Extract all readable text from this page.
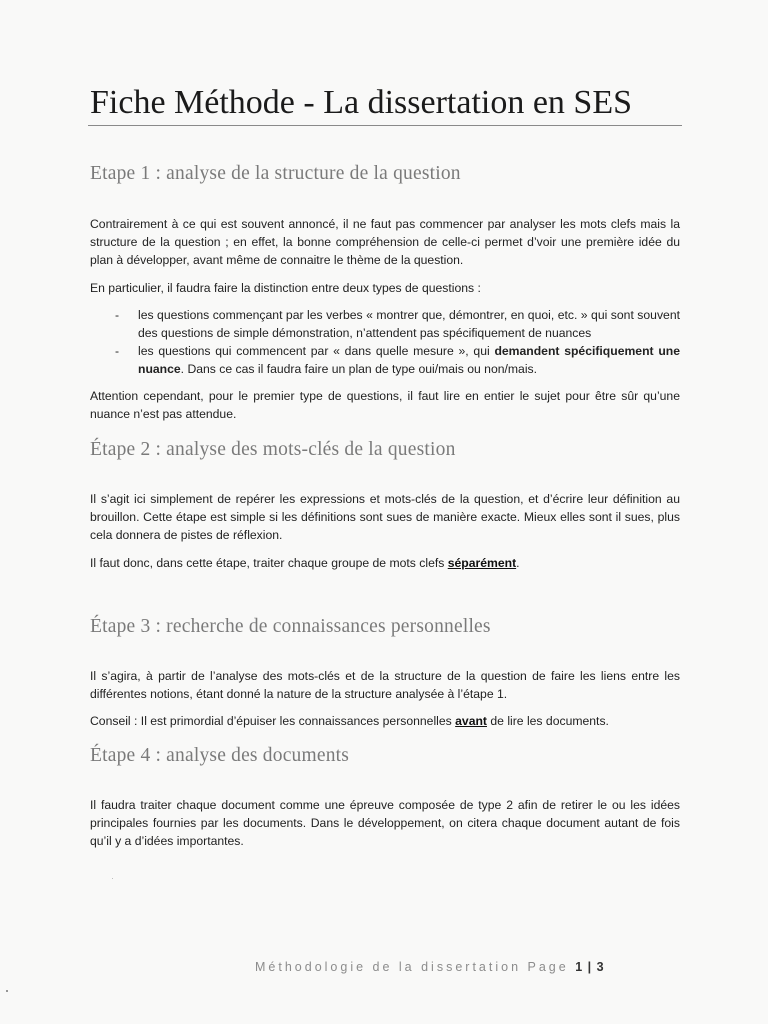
Fiche Méthode - La dissertation en SES
Etape 1 : analyse de la structure de la question

Contrairement à ce qui est souvent annoncé, il ne faut pas commencer par analyser les mots clefs mais la structure de la question ; en effet, la bonne compréhension de celle-ci permet d’voir une première idée du plan à développer, avant même de connaitre le thème de la question.

En particulier, il faudra faire la distinction entre deux types de questions :

- les questions commençant par les verbes « montrer que, démontrer, en quoi, etc. » qui sont souvent des questions de simple démonstration, n’attendent pas spécifiquement de nuances
- les questions qui commencent par « dans quelle mesure », qui demandent spécifiquement une nuance. Dans ce cas il faudra faire un plan de type oui/mais ou non/mais.

Attention cependant, pour le premier type de questions, il faut lire en entier le sujet pour être sûr qu’une nuance n’est pas attendue.

Étape 2 : analyse des mots-clés de la question

Il s’agit ici simplement de repérer les expressions et mots-clés de la question, et d’écrire leur définition au brouillon. Cette étape est simple si les définitions sont sues de manière exacte. Mieux elles sont il sues, plus cela donnera de pistes de réflexion.

Il faut donc, dans cette étape, traiter chaque groupe de mots clefs séparément.

Étape 3 : recherche de connaissances personnelles

Il s’agira, à partir de l’analyse des mots-clés et de la structure de la question de faire les liens entre les différentes notions, étant donné la nature de la structure analysée à l’étape 1.

Conseil : Il est primordial d’épuiser les connaissances personnelles avant de lire les documents.

Étape 4 : analyse des documents

Il faudra traiter chaque document comme une épreuve composée de type 2 afin de retirer le ou les idées principales fournies par les documents. Dans le développement, on citera chaque document autant de fois qu’il y a d’idées importantes.

Méthodologie de la dissertation Page 1 | 3
